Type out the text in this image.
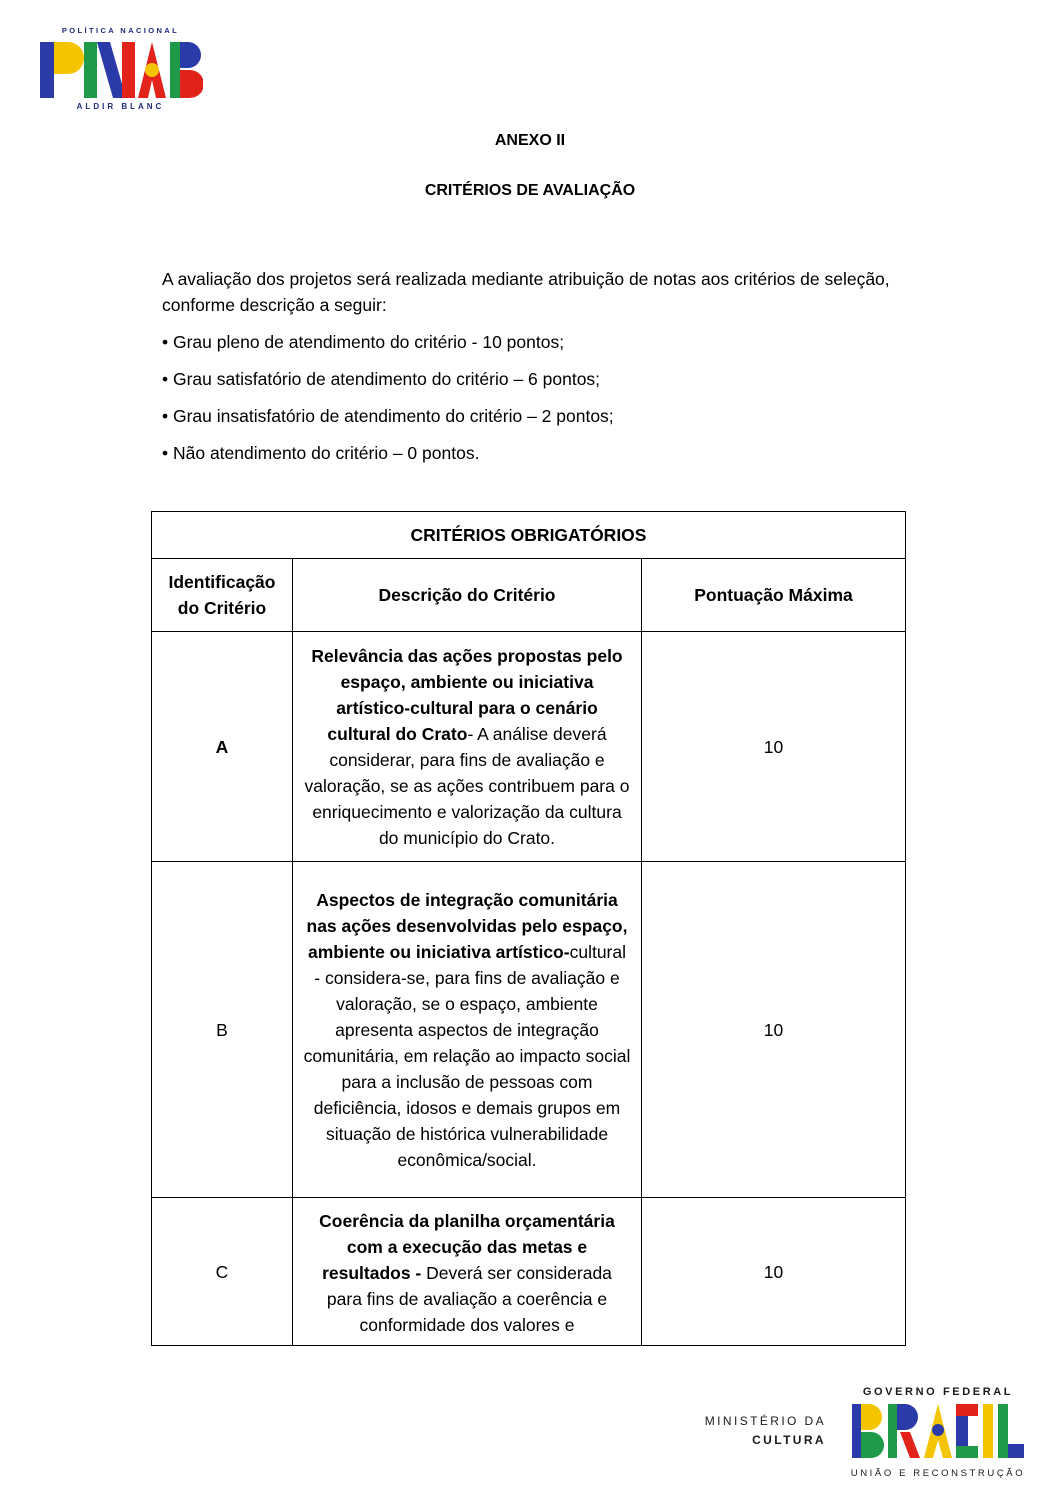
POLÍTICA NACIONAL
ALDIR BLANC
ANEXO II
CRITÉRIOS DE AVALIAÇÃO

A avaliação dos projetos será realizada mediante atribuição de notas aos critérios de seleção, conforme descrição a seguir:

• Grau pleno de atendimento do critério - 10 pontos;

• Grau satisfatório de atendimento do critério – 6 pontos;

• Grau insatisfatório de atendimento do critério – 2 pontos;

• Não atendimento do critério – 0 pontos.

CRITÉRIOS OBRIGATÓRIOS		
Identificação do Critério	Descrição do Critério	Pontuação Máxima
A	Relevância das ações propostas pelo espaço, ambiente ou iniciativa artístico-cultural para o cenário cultural do Crato- A análise deverá considerar, para fins de avaliação e valoração, se as ações contribuem para o enriquecimento e valorização da cultura do município do Crato.	10
B	Aspectos de integração comunitária nas ações desenvolvidas pelo espaço, ambiente ou iniciativa artístico-cultural - considera-se, para fins de avaliação e valoração, se o espaço, ambiente apresenta aspectos de integração comunitária, em relação ao impacto social para a inclusão de pessoas com deficiência, idosos e demais grupos em situação de histórica vulnerabilidade econômica/social.	10
C	Coerência da planilha orçamentária com a execução das metas e resultados - Deverá ser considerada para fins de avaliação a coerência e conformidade dos valores e	10
MINISTÉRIO DA
CULTURA
GOVERNO FEDERAL
UNIÃO E RECONSTRUÇÃO
